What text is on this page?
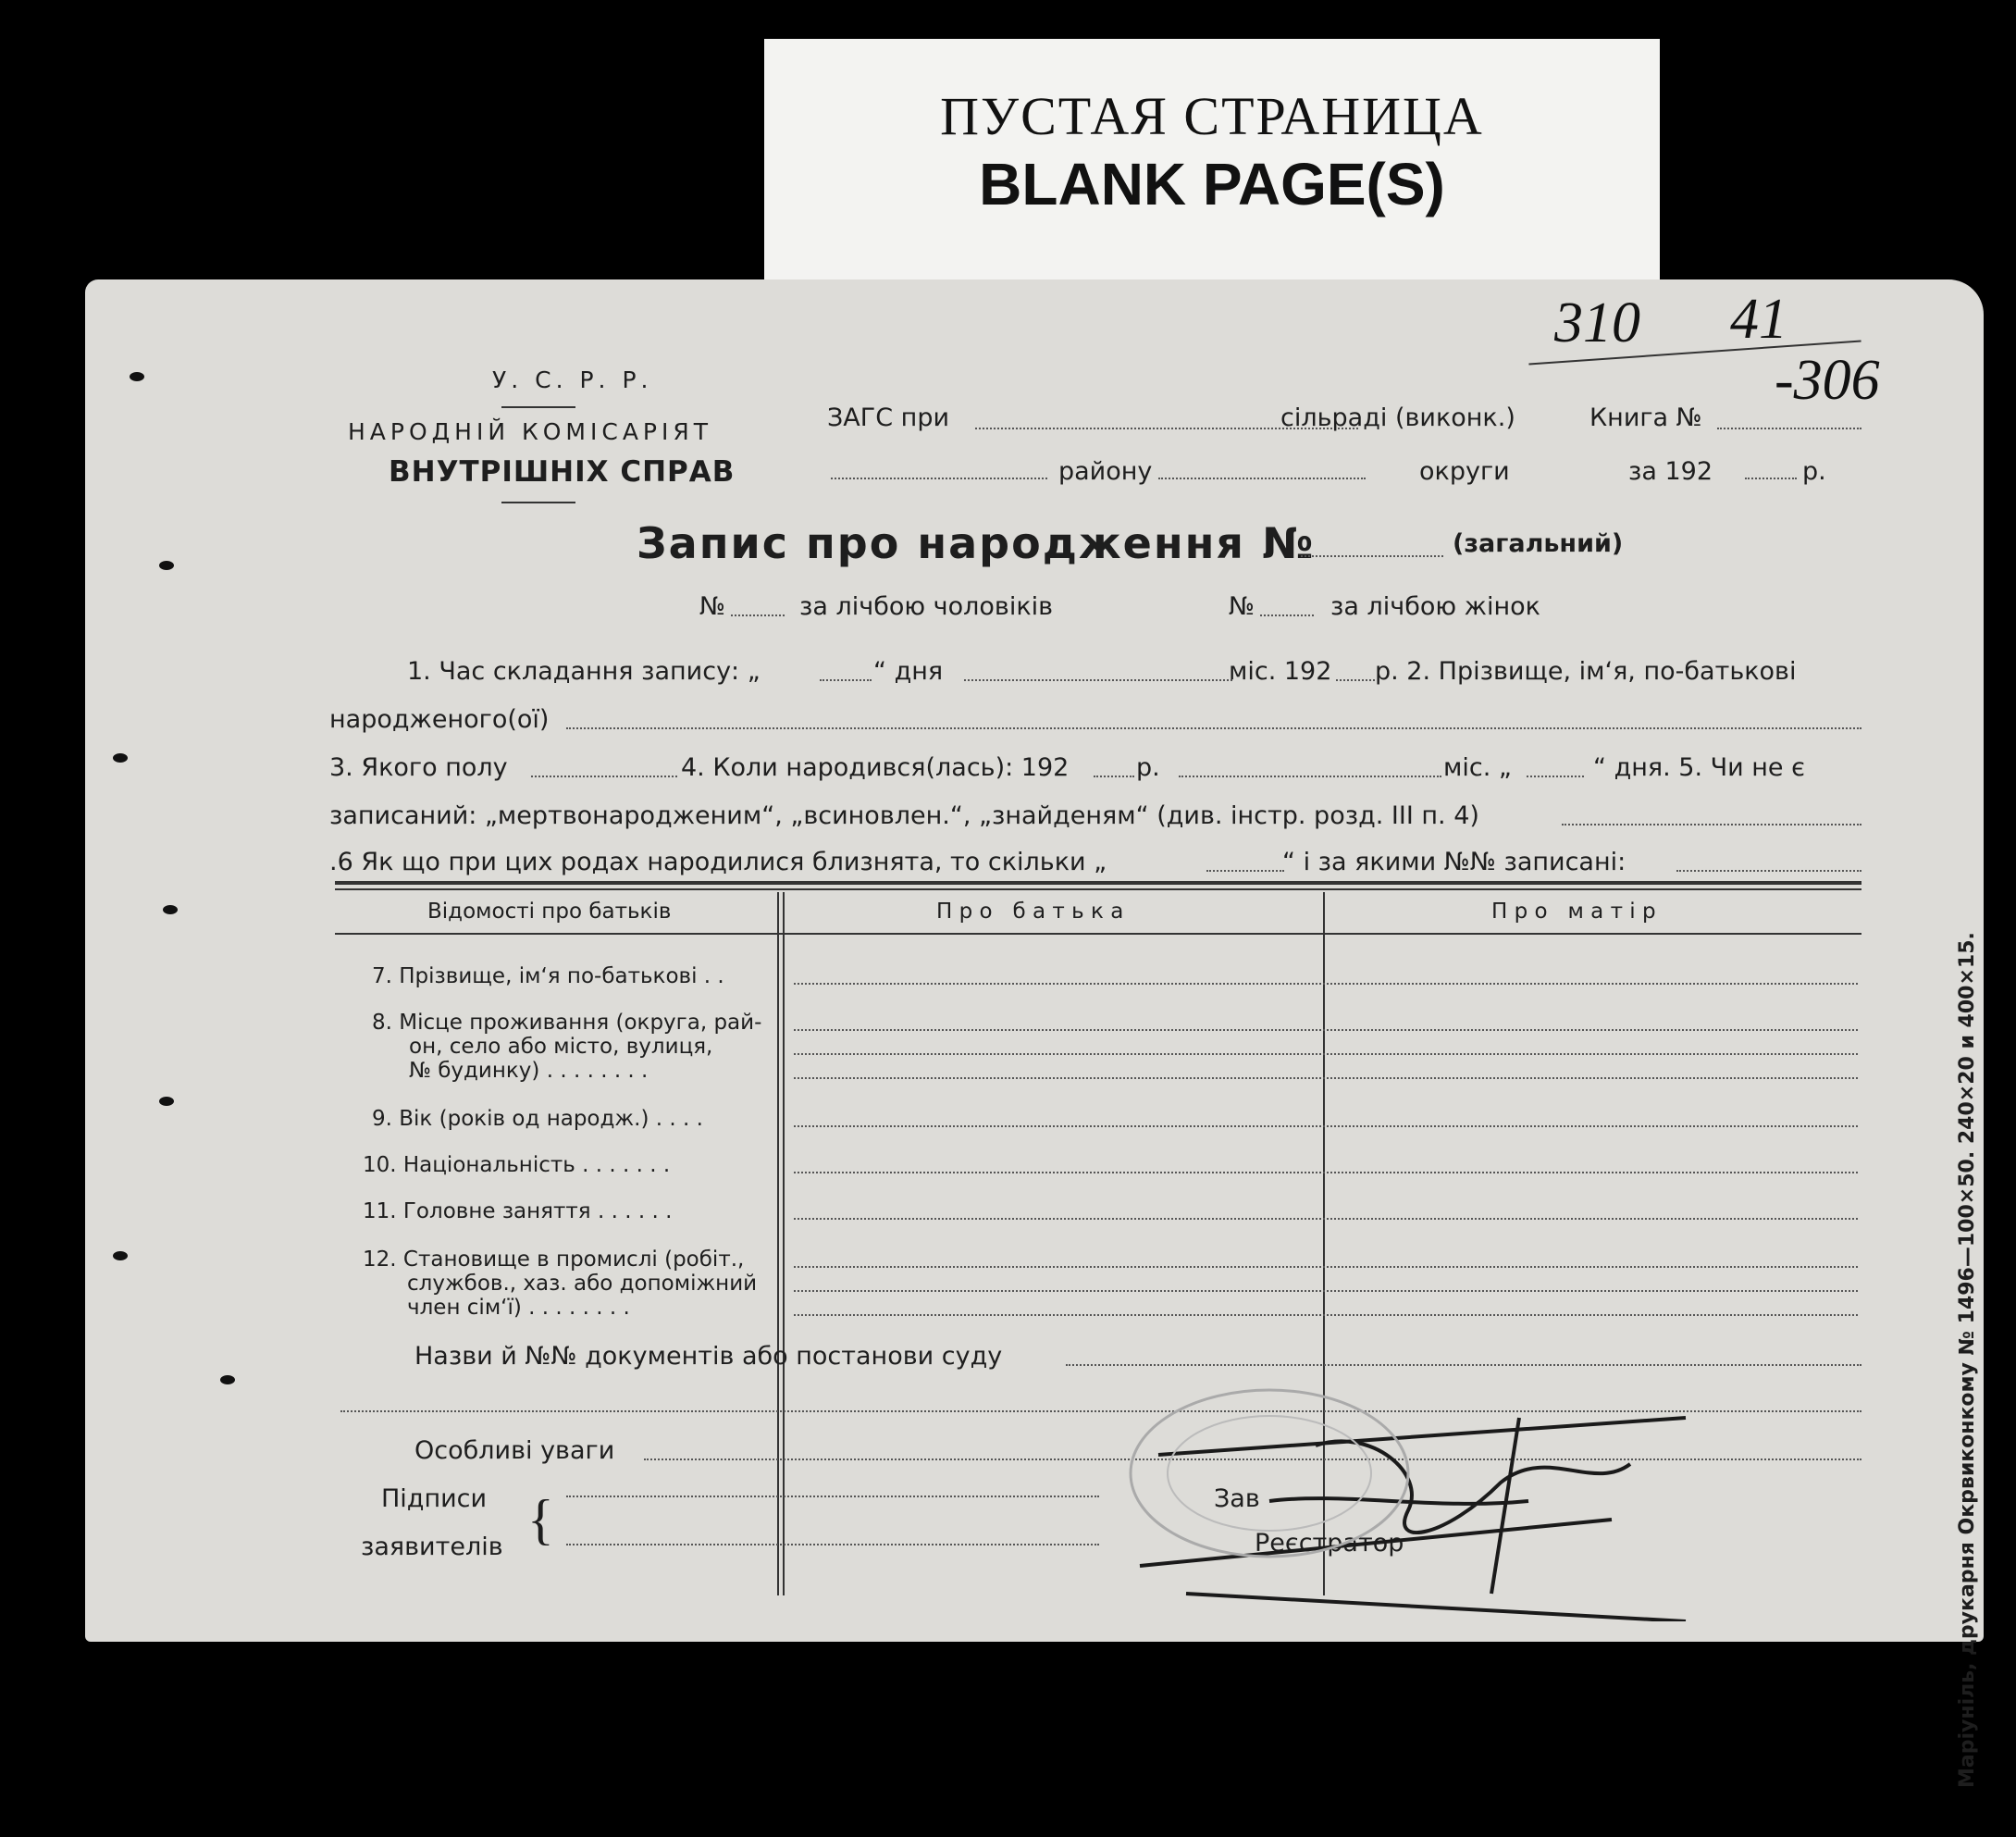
ПУСТАЯ СТРАНИЦА
BLANK PAGE(S)
310 41
-306
У. С. Р. Р.
НАРОДНІЙ КОМІСАРІЯТ
ВНУТРІШНІХ СПРАВ
ЗАГС при	сільраді (виконк.)	Книга №
району	округи	за 192	р.
Запис про народження №	(загальний)
№	за лічбою чоловіків	№	за лічбою жінок
1. Час складання запису: „	“ дня	міс. 192 р. 2. Прізвище, ім‘я, по-батькові
народженого(ої)
3. Якого полу	4. Коли народився(лась): 192	р.	міс. „	“ дня. 5. Чи не є
записаний: „мертвонародженим“, „всиновлен.“, „знайденям“ (див. інстр. розд. III п. 4)
.6 Як що при цих родах народилися близнята, то скільки „	“ і за якими №№ записані:
Відомості про батьків	П р о   б а т ь к а	П р о   м а т і р
7. Прізвище, ім‘я по-батькові . .
8. Місце проживання (округа, рай-
он, село або місто, вулиця,
№ будинку) . . . . . . . .
9. Вік (років од народж.) . . . .
10. Національність . . . . . . .
11. Головне заняття . . . . . .
12. Становище в промислі (робіт.,
службов., хаз. або допоміжний
член сім‘ї) . . . . . . . .
Назви й №№ документів або постанови суду
Особливі уваги
Підписи
заявителів {	Зав
Реєстратор	Маріуніль, друкарня Окрвиконкому № 1496—100×50. 240×20 и 400×15.
